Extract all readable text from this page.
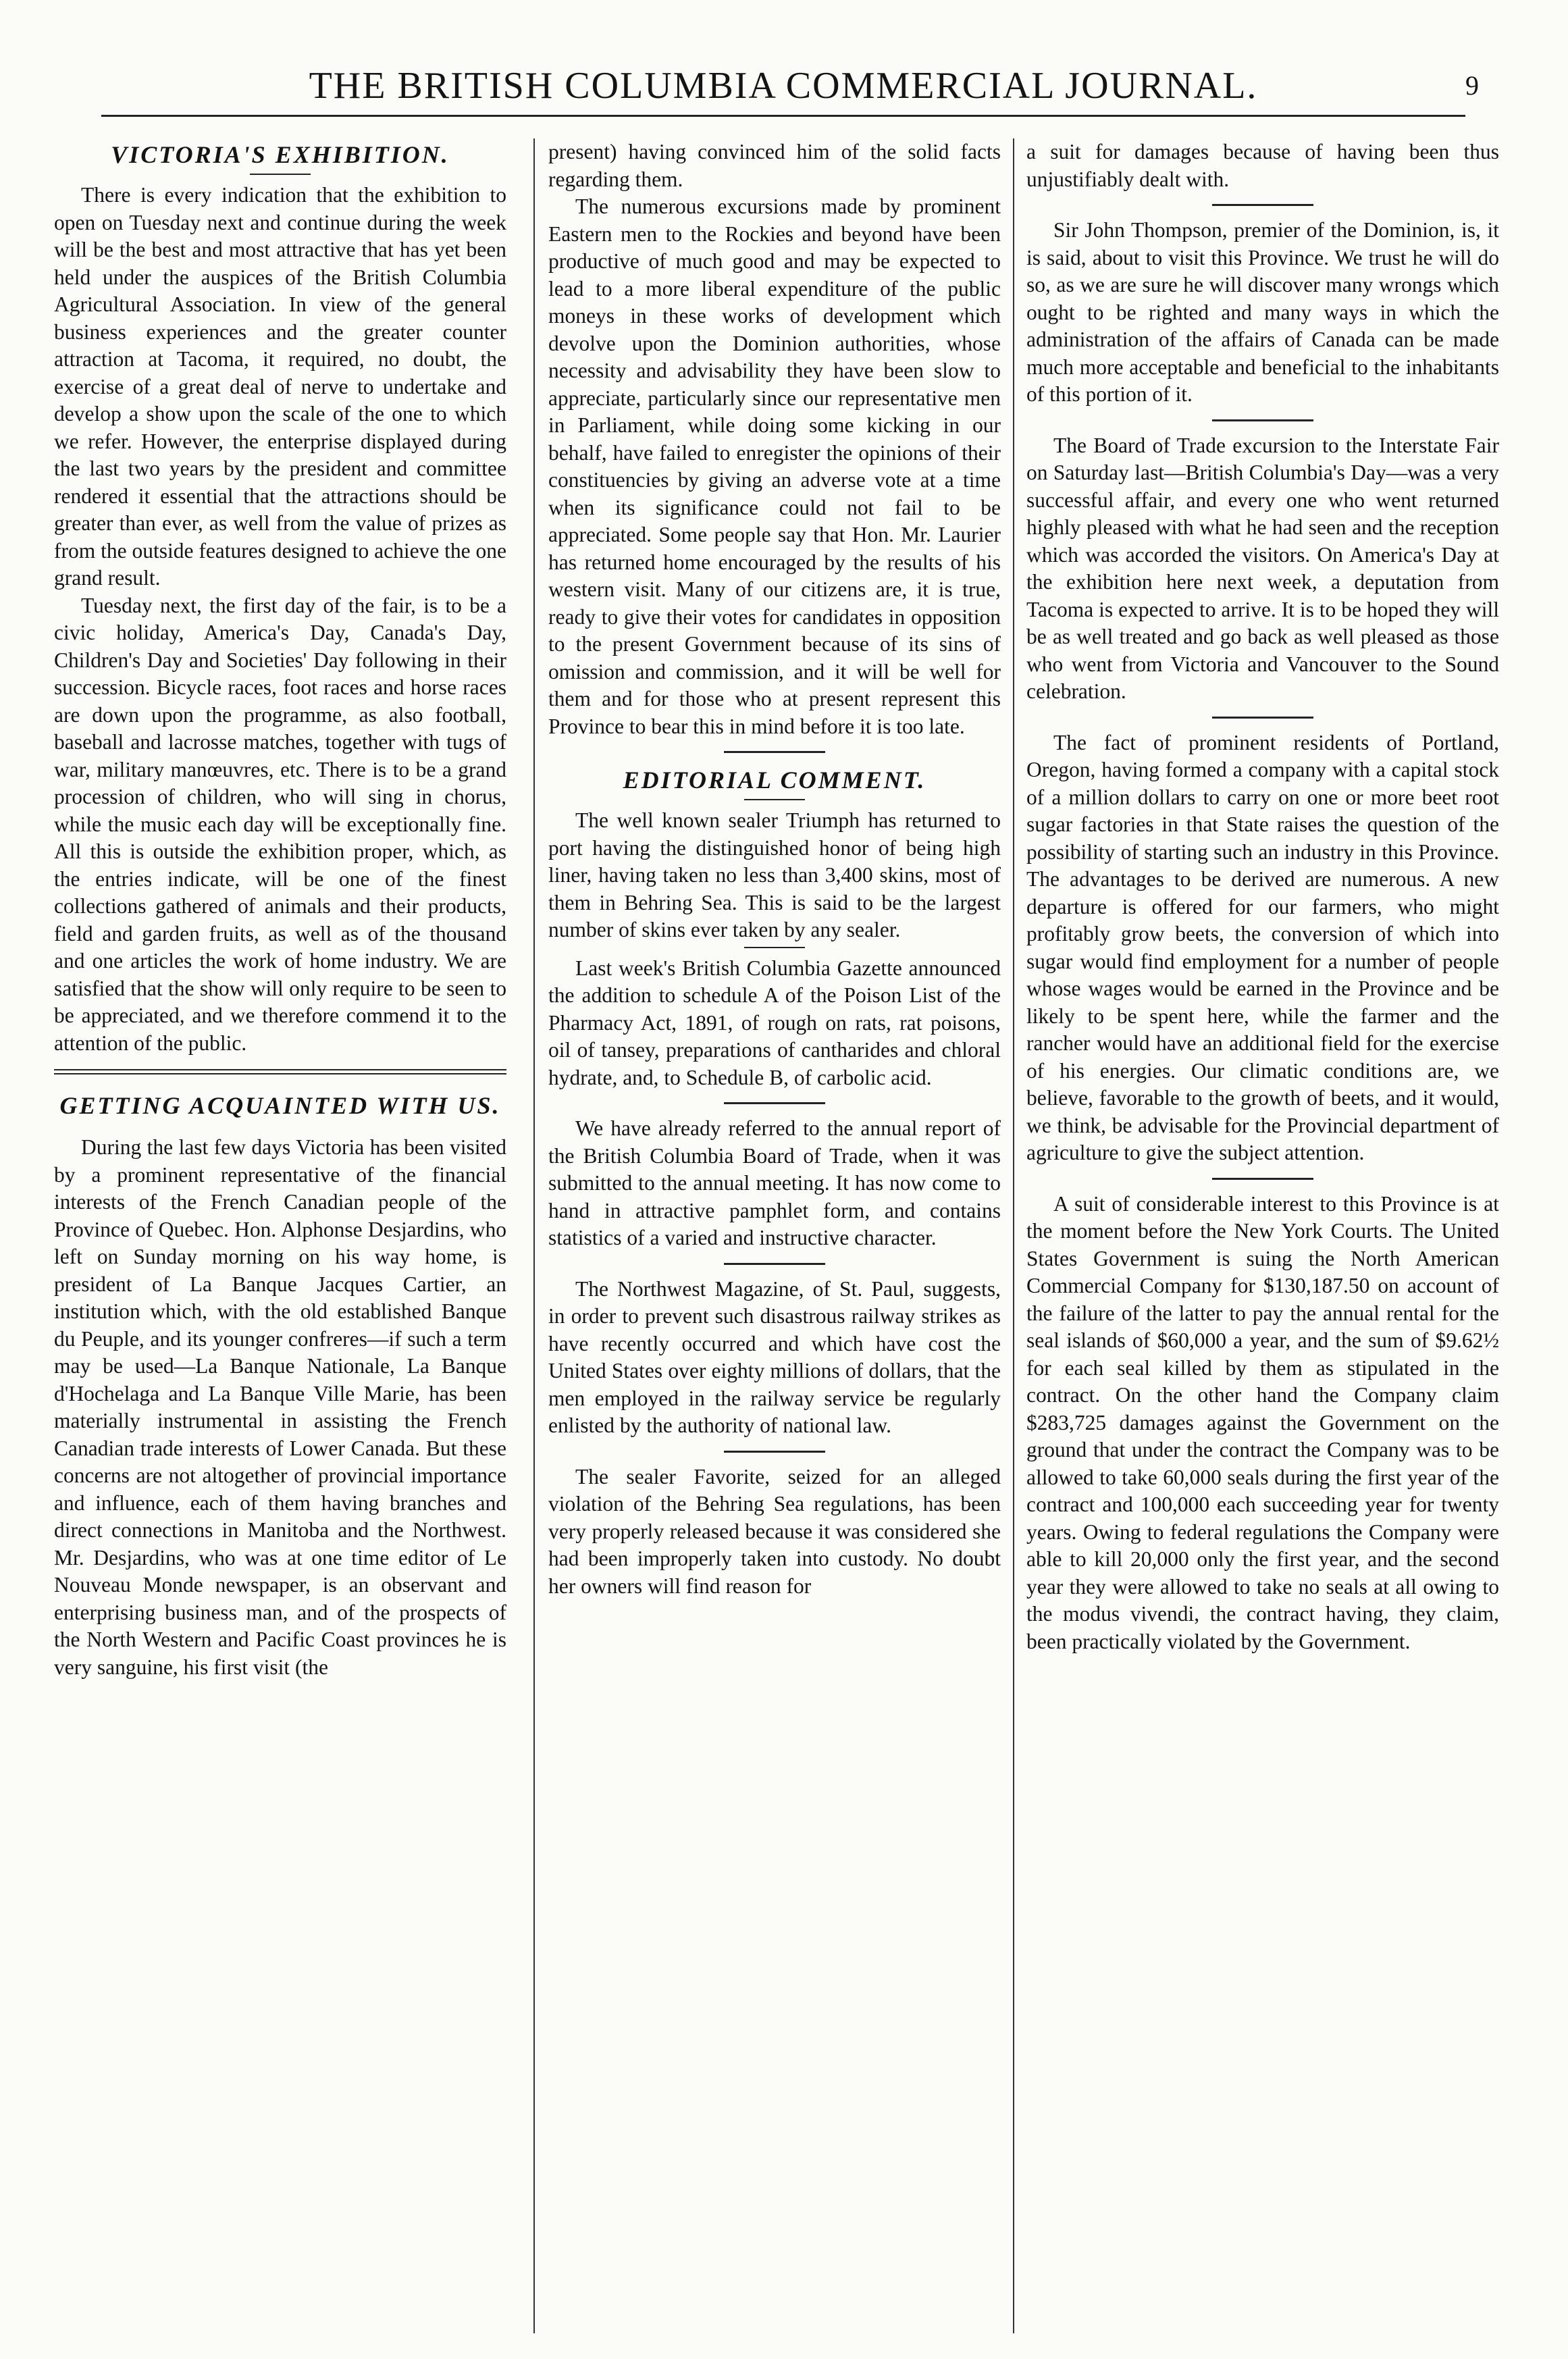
THE BRITISH COLUMBIA COMMERCIAL JOURNAL.	9
VICTORIA'S EXHIBITION.

There is every indication that the exhibition to open on Tuesday next and continue during the week will be the best and most attractive that has yet been held under the auspices of the British Columbia Agricultural Association. In view of the general business experiences and the greater counter attraction at Tacoma, it required, no doubt, the exercise of a great deal of nerve to undertake and develop a show upon the scale of the one to which we refer. However, the enterprise displayed during the last two years by the president and committee rendered it essential that the attractions should be greater than ever, as well from the value of prizes as from the outside features designed to achieve the one grand result.

Tuesday next, the first day of the fair, is to be a civic holiday, America's Day, Canada's Day, Children's Day and Societies' Day following in their succession. Bicycle races, foot races and horse races are down upon the programme, as also football, baseball and lacrosse matches, together with tugs of war, military manœuvres, etc. There is to be a grand procession of children, who will sing in chorus, while the music each day will be exceptionally fine. All this is outside the exhibition proper, which, as the entries indicate, will be one of the finest collections gathered of animals and their products, field and garden fruits, as well as of the thousand and one articles the work of home industry. We are satisfied that the show will only require to be seen to be appreciated, and we therefore commend it to the attention of the public.

GETTING ACQUAINTED WITH US.

During the last few days Victoria has been visited by a prominent representative of the financial interests of the French Canadian people of the Province of Quebec. Hon. Alphonse Desjardins, who left on Sunday morning on his way home, is president of La Banque Jacques Cartier, an institution which, with the old established Banque du Peuple, and its younger confreres—if such a term may be used—La Banque Nationale, La Banque d'Hochelaga and La Banque Ville Marie, has been materially instrumental in assisting the French Canadian trade interests of Lower Canada. But these concerns are not altogether of provincial importance and influence, each of them having branches and direct connections in Manitoba and the Northwest. Mr. Desjardins, who was at one time editor of Le Nouveau Monde newspaper, is an observant and enterprising business man, and of the prospects of the North Western and Pacific Coast provinces he is very sanguine, his first visit (the

present) having convinced him of the solid facts regarding them.

The numerous excursions made by prominent Eastern men to the Rockies and beyond have been productive of much good and may be expected to lead to a more liberal expenditure of the public moneys in these works of development which devolve upon the Dominion authorities, whose necessity and advisability they have been slow to appreciate, particularly since our representative men in Parliament, while doing some kicking in our behalf, have failed to enregister the opinions of their constituencies by giving an adverse vote at a time when its significance could not fail to be appreciated. Some people say that Hon. Mr. Laurier has returned home encouraged by the results of his western visit. Many of our citizens are, it is true, ready to give their votes for candidates in opposition to the present Government because of its sins of omission and commission, and it will be well for them and for those who at present represent this Province to bear this in mind before it is too late.

EDITORIAL COMMENT.

The well known sealer Triumph has returned to port having the distinguished honor of being high liner, having taken no less than 3,400 skins, most of them in Behring Sea. This is said to be the largest number of skins ever taken by any sealer.

Last week's British Columbia Gazette announced the addition to schedule A of the Poison List of the Pharmacy Act, 1891, of rough on rats, rat poisons, oil of tansey, preparations of cantharides and chloral hydrate, and, to Schedule B, of carbolic acid.

We have already referred to the annual report of the British Columbia Board of Trade, when it was submitted to the annual meeting. It has now come to hand in attractive pamphlet form, and contains statistics of a varied and instructive character.

The Northwest Magazine, of St. Paul, suggests, in order to prevent such disastrous railway strikes as have recently occurred and which have cost the United States over eighty millions of dollars, that the men employed in the railway service be regularly enlisted by the authority of national law.

The sealer Favorite, seized for an alleged violation of the Behring Sea regulations, has been very properly released because it was considered she had been improperly taken into custody. No doubt her owners will find reason for

a suit for damages because of having been thus unjustifiably dealt with.

Sir John Thompson, premier of the Dominion, is, it is said, about to visit this Province. We trust he will do so, as we are sure he will discover many wrongs which ought to be righted and many ways in which the administration of the affairs of Canada can be made much more acceptable and beneficial to the inhabitants of this portion of it.

The Board of Trade excursion to the Interstate Fair on Saturday last—British Columbia's Day—was a very successful affair, and every one who went returned highly pleased with what he had seen and the reception which was accorded the visitors. On America's Day at the exhibition here next week, a deputation from Tacoma is expected to arrive. It is to be hoped they will be as well treated and go back as well pleased as those who went from Victoria and Vancouver to the Sound celebration.

The fact of prominent residents of Portland, Oregon, having formed a company with a capital stock of a million dollars to carry on one or more beet root sugar factories in that State raises the question of the possibility of starting such an industry in this Province. The advantages to be derived are numerous. A new departure is offered for our farmers, who might profitably grow beets, the conversion of which into sugar would find employment for a number of people whose wages would be earned in the Province and be likely to be spent here, while the farmer and the rancher would have an additional field for the exercise of his energies. Our climatic conditions are, we believe, favorable to the growth of beets, and it would, we think, be advisable for the Provincial department of agriculture to give the subject attention.

A suit of considerable interest to this Province is at the moment before the New York Courts. The United States Government is suing the North American Commercial Company for $130,187.50 on account of the failure of the latter to pay the annual rental for the seal islands of $60,000 a year, and the sum of $9.62½ for each seal killed by them as stipulated in the contract. On the other hand the Company claim $283,725 damages against the Government on the ground that under the contract the Company was to be allowed to take 60,000 seals during the first year of the contract and 100,000 each succeeding year for twenty years. Owing to federal regulations the Company were able to kill 20,000 only the first year, and the second year they were allowed to take no seals at all owing to the modus vivendi, the contract having, they claim, been practically violated by the Government.
